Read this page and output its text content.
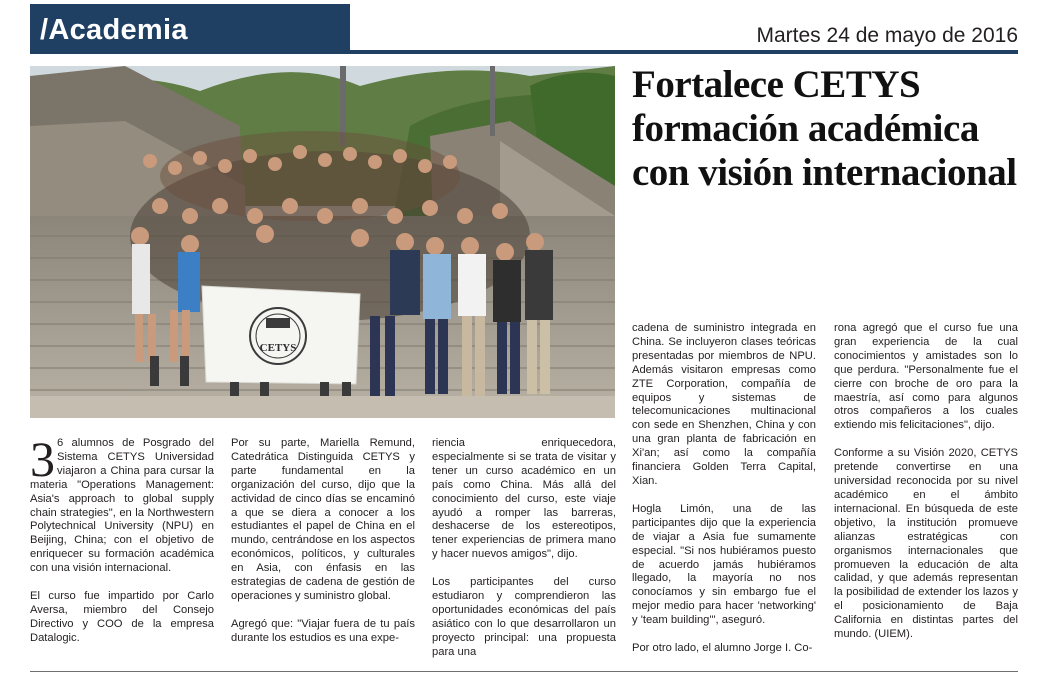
/Academia	Martes 24 de mayo de 2016
CETYS
Fortalece CETYS formación académica con visión internacional

3 6 alumnos de Posgrado del Sistema CETYS Universidad viajaron a China para cursar la materia "Operations Management: Asia's approach to global supply chain strategies", en la Northwestern Polytechnical University (NPU) en Beijing, China; con el objetivo de enriquecer su formación académica con una visión internacional.

El curso fue impartido por Carlo Aversa, miembro del Consejo Directivo y COO de la empresa Datalogic.

Por su parte, Mariella Remund, Catedrática Distinguida CETYS y parte fundamental en la organización del curso, dijo que la actividad de cinco días se encaminó a que se diera a conocer a los estudiantes el papel de China en el mundo, centrándose en los aspectos económicos, políticos, y culturales en Asia, con énfasis en las estrategias de cadena de gestión de operaciones y suministro global.

Agregó que: "Viajar fuera de tu país durante los estudios es una expe-

riencia enriquecedora, especialmente si se trata de visitar y tener un curso académico en un país como China. Más allá del conocimiento del curso, este viaje ayudó a romper las barreras, deshacerse de los estereotipos, tener experiencias de primera mano y hacer nuevos amigos", dijo.

Los participantes del curso estudiaron y comprendieron las oportunidades económicas del país asiático con lo que desarrollaron un proyecto principal: una propuesta para una

cadena de suministro integrada en China. Se incluyeron clases teóricas presentadas por miembros de NPU. Además visitaron empresas como ZTE Corporation, compañía de equipos y sistemas de telecomunicaciones multinacional con sede en Shenzhen, China y con una gran planta de fabricación en Xi'an; así como la compañía financiera Golden Terra Capital, Xian.

Hogla Limón, una de las participantes dijo que la experiencia de viajar a Asia fue sumamente especial. "Si nos hubiéramos puesto de acuerdo jamás hubiéramos llegado, la mayoría no nos conocíamos y sin embargo fue el mejor medio para hacer 'networking' y 'team building'", aseguró.

Por otro lado, el alumno Jorge I. Co-

rona agregó que el curso fue una gran experiencia de la cual conocimientos y amistades son lo que perdura. "Personalmente fue el cierre con broche de oro para la maestría, así como para algunos otros compañeros a los cuales extiendo mis felicitaciones", dijo.

Conforme a su Visión 2020, CETYS pretende convertirse en una universidad reconocida por su nivel académico en el ámbito internacional. En búsqueda de este objetivo, la institución promueve alianzas estratégicas con organismos internacionales que promueven la educación de alta calidad, y que además representan la posibilidad de extender los lazos y el posicionamiento de Baja California en distintas partes del mundo. (UIEM).
